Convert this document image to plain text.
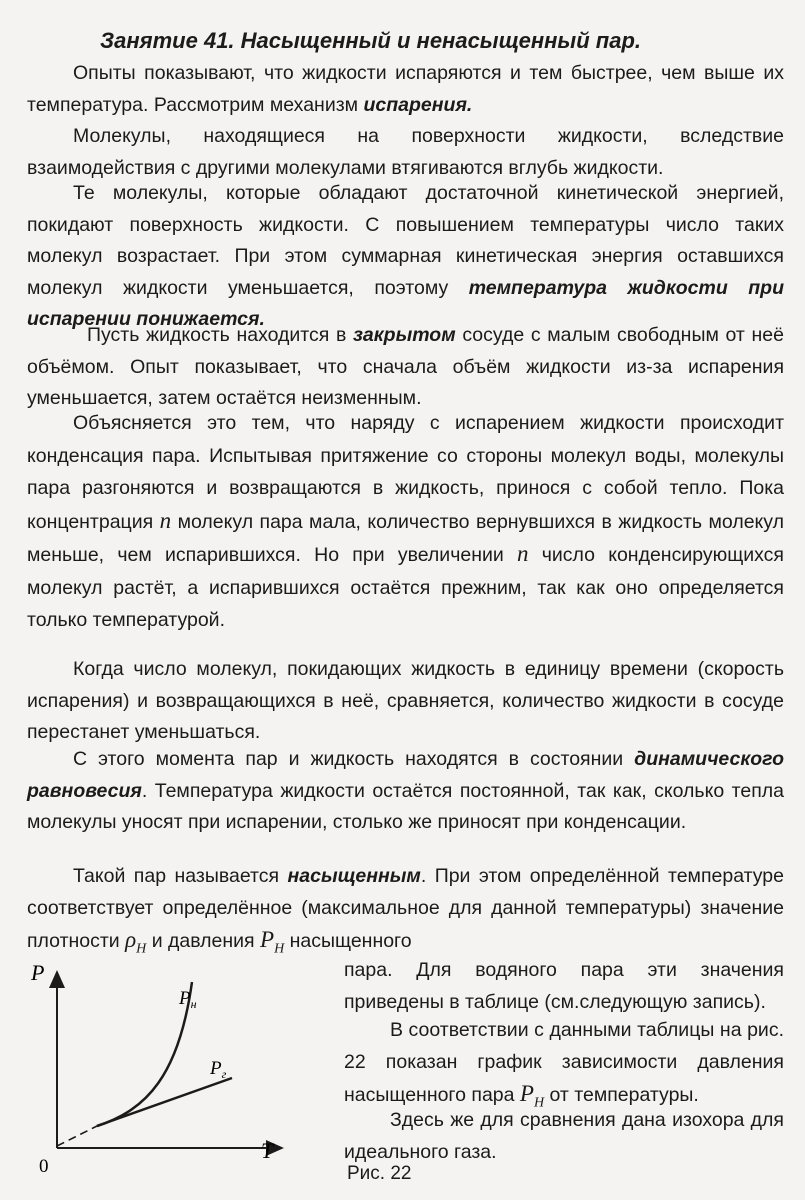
Занятие 41. Насыщенный и ненасыщенный пар.
Опыты показывают, что жидкости испаряются и тем быстрее, чем выше их температура. Рассмотрим механизм испарения.
Молекулы, находящиеся на поверхности жидкости, вследствие взаимодействия с другими молекулами втягиваются вглубь жидкости.
Те молекулы, которые обладают достаточной кинетической энергией, покидают поверхность жидкости. С повышением температуры число таких молекул возрастает. При этом суммарная кинетическая энергия оставшихся молекул жидкости уменьшается, поэтому температура жидкости при испарении понижается.
Пусть жидкость находится в закрытом сосуде с малым свободным от неё объёмом. Опыт показывает, что сначала объём жидкости из-за испарения уменьшается, затем остаётся неизменным.
Объясняется это тем, что наряду с испарением жидкости происходит конденсация пара. Испытывая притяжение со стороны молекул воды, молекулы пара разгоняются и возвращаются в жидкость, принося с собой тепло. Пока концентрация n молекул пара мала, количество вернувшихся в жидкость молекул меньше, чем испарившихся. Но при увеличении n число конденсирующихся молекул растёт, а испарившихся остаётся прежним, так как оно определяется только температурой.
Когда число молекул, покидающих жидкость в единицу времени (скорость испарения) и возвращающихся в неё, сравняется, количество жидкости в сосуде перестанет уменьшаться.
С этого момента пар и жидкость находятся в состоянии динамического равновесия. Температура жидкости остаётся постоянной, так как, сколько тепла молекулы уносят при испарении, столько же приносят при конденсации.
Такой пар называется насыщенным. При этом определённой температуре соответствует определённое (максимальное для данной температуры) значение плотности $\rho_H$ и давления $P_H$ насыщенного
пара. Для водяного пара эти значения приведены в таблице (см.следующую запись).
В соответствии с данными таблицы на рис. 22 показан график зависимости давления насыщенного пара $P_H$ от температуры.
Здесь же для сравнения дана изохора для идеального газа.
P
T
0
$P_н$
$P_г$
Рис. 22
